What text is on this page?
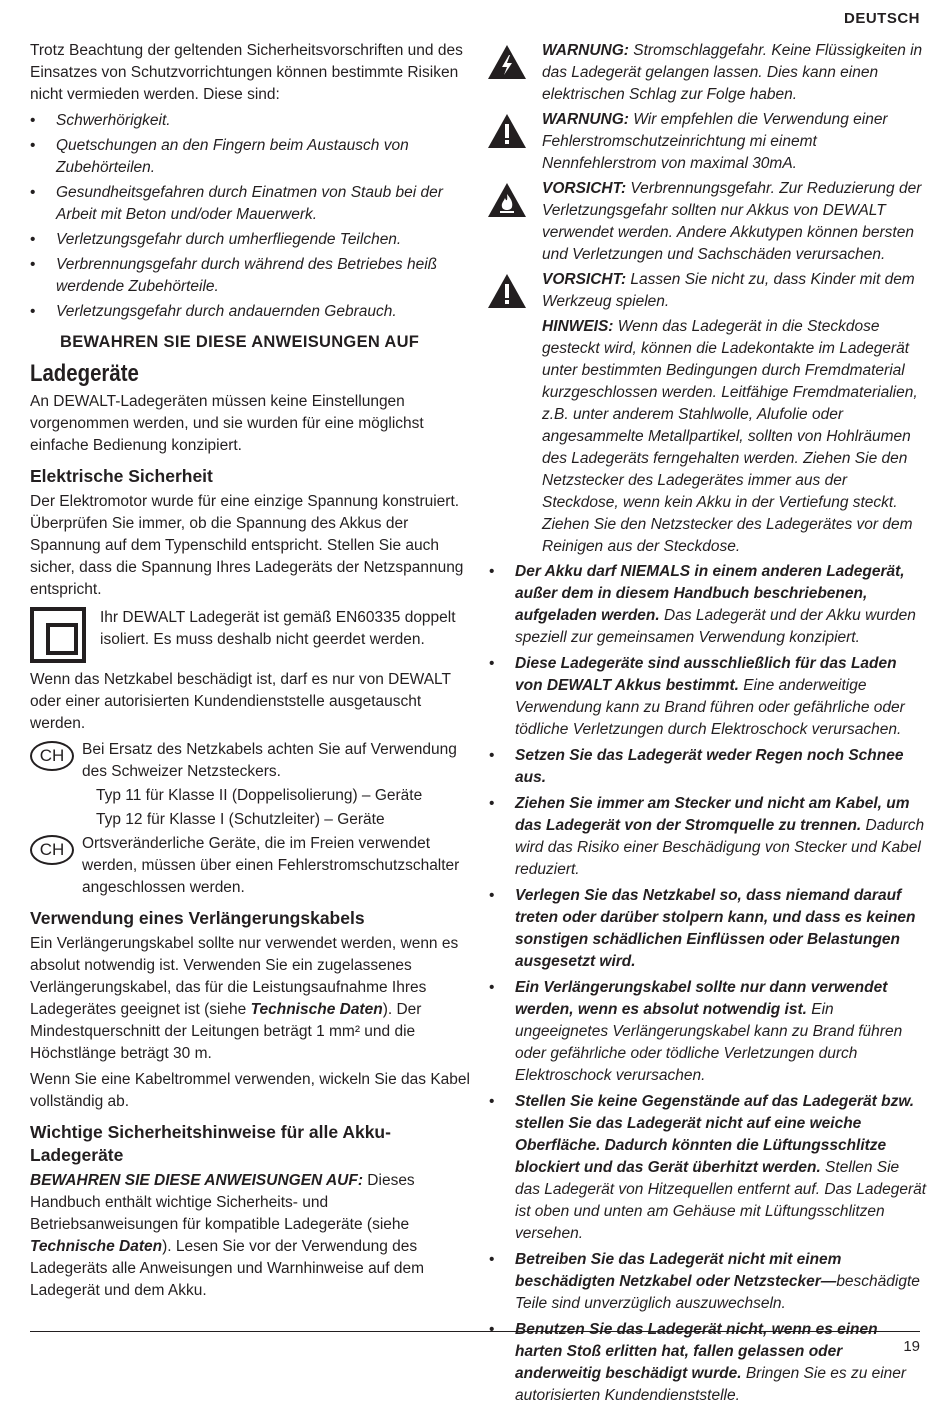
DEUTSCH

Trotz Beachtung der geltenden Sicherheitsvorschriften und des Einsatzes von Schutzvorrichtungen können bestimmte Risiken nicht vermieden werden. Diese sind:

• Schwerhörigkeit.
• Quetschungen an den Fingern beim Austausch von Zubehörteilen.
• Gesundheitsgefahren durch Einatmen von Staub bei der Arbeit mit Beton und/oder Mauerwerk.
• Verletzungsgefahr durch umherfliegende Teilchen.
• Verbrennungsgefahr durch während des Betriebes heiß werdende Zubehörteile.
• Verletzungsgefahr durch andauernden Gebrauch.
BEWAHREN SIE DIESE ANWEISUNGEN AUF
Ladegeräte

An DEWALT-Ladegeräten müssen keine Einstellungen vorgenommen werden, und sie wurden für eine möglichst einfache Bedienung konzipiert.

Elektrische Sicherheit

Der Elektromotor wurde für eine einzige Spannung konstruiert. Überprüfen Sie immer, ob die Spannung des Akkus der Spannung auf dem Typenschild entspricht. Stellen Sie auch sicher, dass die Spannung Ihres Ladegeräts der Netzspannung entspricht.

Ihr DEWALT Ladegerät ist gemäß EN60335 doppelt isoliert. Es muss deshalb nicht geerdet werden.

Wenn das Netzkabel beschädigt ist, darf es nur von DEWALT oder einer autorisierten Kundendienststelle ausgetauscht werden.

CH	Bei Ersatz des Netzkabels achten Sie auf Verwendung des Schweizer Netzsteckers.
Typ 11 für Klasse II (Doppelisolierung) – Geräte
Typ 12 für Klasse I (Schutzleiter) – Geräte
CH	Ortsveränderliche Geräte, die im Freien verwendet werden, müssen über einen Fehlerstromschutzschalter angeschlossen werden.
Verwendung eines Verlängerungskabels

Ein Verlängerungskabel sollte nur verwendet werden, wenn es absolut notwendig ist. Verwenden Sie ein zugelassenes Verlängerungskabel, das für die Leistungsaufnahme Ihres Ladegerätes geeignet ist (siehe Technische Daten). Der Mindestquerschnitt der Leitungen beträgt 1 mm² und die Höchstlänge beträgt 30 m.

Wenn Sie eine Kabeltrommel verwenden, wickeln Sie das Kabel vollständig ab.

Wichtige Sicherheitshinweise für alle Akku-Ladegeräte

BEWAHREN SIE DIESE ANWEISUNGEN AUF: Dieses Handbuch enthält wichtige Sicherheits- und Betriebsanweisungen für kompatible Ladegeräte (siehe Technische Daten). Lesen Sie vor der Verwendung des Ladegeräts alle Anweisungen und Warnhinweise auf dem Ladegerät und dem Akku.

WARNUNG: Stromschlaggefahr. Keine Flüssigkeiten in das Ladegerät gelangen lassen. Dies kann einen elektrischen Schlag zur Folge haben.
WARNUNG: Wir empfehlen die Verwendung einer Fehlerstromschutzeinrichtung mi einemt Nennfehlerstrom von maximal 30mA.
VORSICHT: Verbrennungsgefahr. Zur Reduzierung der Verletzungsgefahr sollten nur Akkus von DEWALT verwendet werden. Andere Akkutypen können bersten und Verletzungen und Sachschäden verursachen.
VORSICHT: Lassen Sie nicht zu, dass Kinder mit dem Werkzeug spielen.
HINWEIS: Wenn das Ladegerät in die Steckdose gesteckt wird, können die Ladekontakte im Ladegerät unter bestimmten Bedingungen durch Fremdmaterial kurzgeschlossen werden. Leitfähige Fremdmaterialien, z.B. unter anderem Stahlwolle, Alufolie oder angesammelte Metallpartikel, sollten von Hohlräumen des Ladegeräts ferngehalten werden. Ziehen Sie den Netzstecker des Ladegerätes immer aus der Steckdose, wenn kein Akku in der Vertiefung steckt. Ziehen Sie den Netzstecker des Ladegerätes vor dem Reinigen aus der Steckdose.
• Der Akku darf NIEMALS in einem anderen Ladegerät, außer dem in diesem Handbuch beschriebenen, aufgeladen werden. Das Ladegerät und der Akku wurden speziell zur gemeinsamen Verwendung konzipiert.
• Diese Ladegeräte sind ausschließlich für das Laden von DEWALT Akkus bestimmt. Eine anderweitige Verwendung kann zu Brand führen oder gefährliche oder tödliche Verletzungen durch Elektroschock verursachen.
• Setzen Sie das Ladegerät weder Regen noch Schnee aus.
• Ziehen Sie immer am Stecker und nicht am Kabel, um das Ladegerät von der Stromquelle zu trennen. Dadurch wird das Risiko einer Beschädigung von Stecker und Kabel reduziert.
• Verlegen Sie das Netzkabel so, dass niemand darauf treten oder darüber stolpern kann, und dass es keinen sonstigen schädlichen Einflüssen oder Belastungen ausgesetzt wird.
• Ein Verlängerungskabel sollte nur dann verwendet werden, wenn es absolut notwendig ist. Ein ungeeignetes Verlängerungskabel kann zu Brand führen oder gefährliche oder tödliche Verletzungen durch Elektroschock verursachen.
• Stellen Sie keine Gegenstände auf das Ladegerät bzw. stellen Sie das Ladegerät nicht auf eine weiche Oberfläche. Dadurch könnten die Lüftungsschlitze blockiert und das Gerät überhitzt werden. Stellen Sie das Ladegerät von Hitzequellen entfernt auf. Das Ladegerät ist oben und unten am Gehäuse mit Lüftungsschlitzen versehen.
• Betreiben Sie das Ladegerät nicht mit einem beschädigten Netzkabel oder Netzstecker—beschädigte Teile sind unverzüglich auszuwechseln.
• Benutzen Sie das Ladegerät nicht, wenn es einen harten Stoß erlitten hat, fallen gelassen oder anderweitig beschädigt wurde. Bringen Sie es zu einer autorisierten Kundendienststelle.
19
